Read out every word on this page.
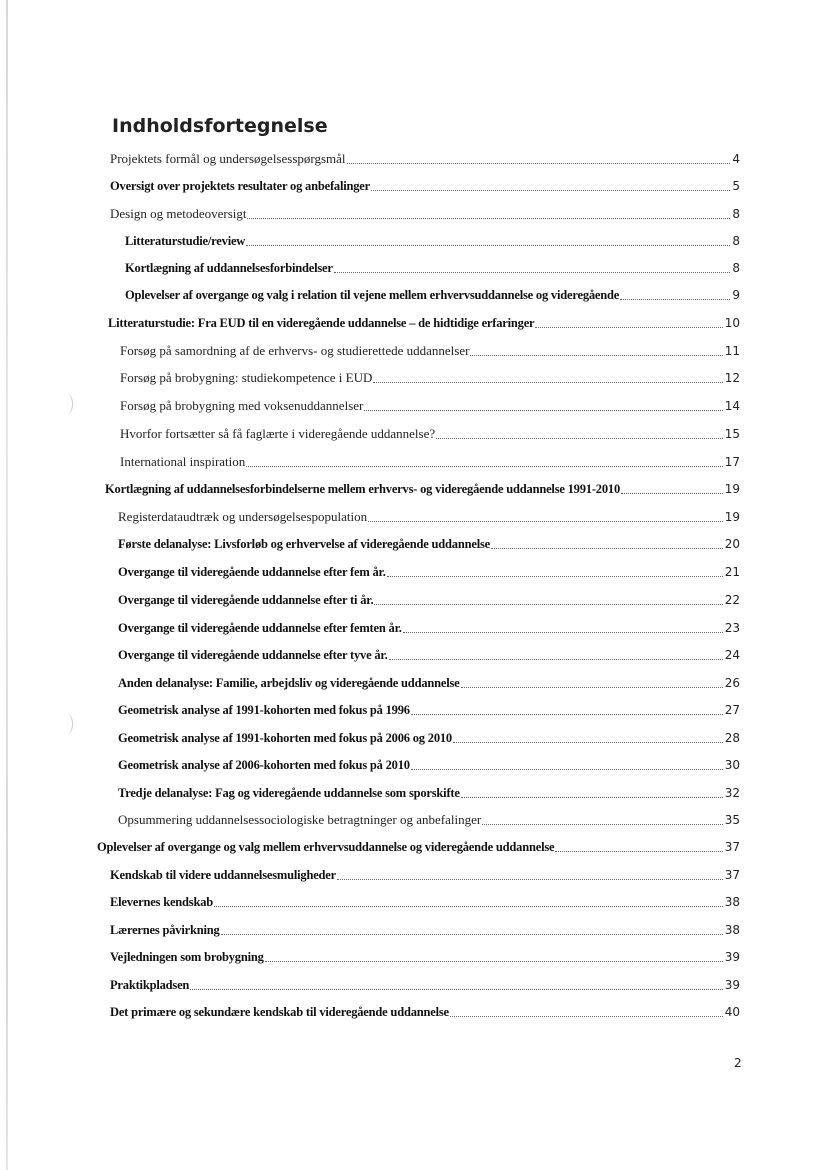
Indholdsfortegnelse
Projektets formål og undersøgelsesspørgsmål	4
Oversigt over projektets resultater og anbefalinger	5
Design og metodeoversigt	8
Litteraturstudie/review	8
Kortlægning af uddannelsesforbindelser	8
Oplevelser af overgange og valg i relation til vejene mellem erhvervsuddannelse og videregående	9
Litteraturstudie: Fra EUD til en videregående uddannelse – de hidtidige erfaringer	10
Forsøg på samordning af de erhvervs- og studierettede uddannelser	11
Forsøg på brobygning: studiekompetence i EUD	12
Forsøg på brobygning med voksenuddannelser	14
Hvorfor fortsætter så få faglærte i videregående uddannelse?	15
International inspiration	17
Kortlægning af uddannelsesforbindelserne mellem erhvervs- og videregående uddannelse 1991-2010	19
Registerdataudtræk og undersøgelsespopulation	19
Første delanalyse: Livsforløb og erhvervelse af videregående uddannelse	20
Overgange til videregående uddannelse efter fem år.	21
Overgange til videregående uddannelse efter ti år.	22
Overgange til videregående uddannelse efter femten år.	23
Overgange til videregående uddannelse efter tyve år.	24
Anden delanalyse: Familie, arbejdsliv og videregående uddannelse	26
Geometrisk analyse af 1991-kohorten med fokus på 1996	27
Geometrisk analyse af 1991-kohorten med fokus på 2006 og 2010	28
Geometrisk analyse af 2006-kohorten med fokus på 2010	30
Tredje delanalyse: Fag og videregående uddannelse som sporskifte	32
Opsummering uddannelsessociologiske betragtninger og anbefalinger	35
Oplevelser af overgange og valg mellem erhvervsuddannelse og videregående uddannelse	37
Kendskab til videre uddannelsesmuligheder	37
Elevernes kendskab	38
Lærernes påvirkning	38
Vejledningen som brobygning	39
Praktikpladsen	39
Det primære og sekundære kendskab til videregående uddannelse	40
2
